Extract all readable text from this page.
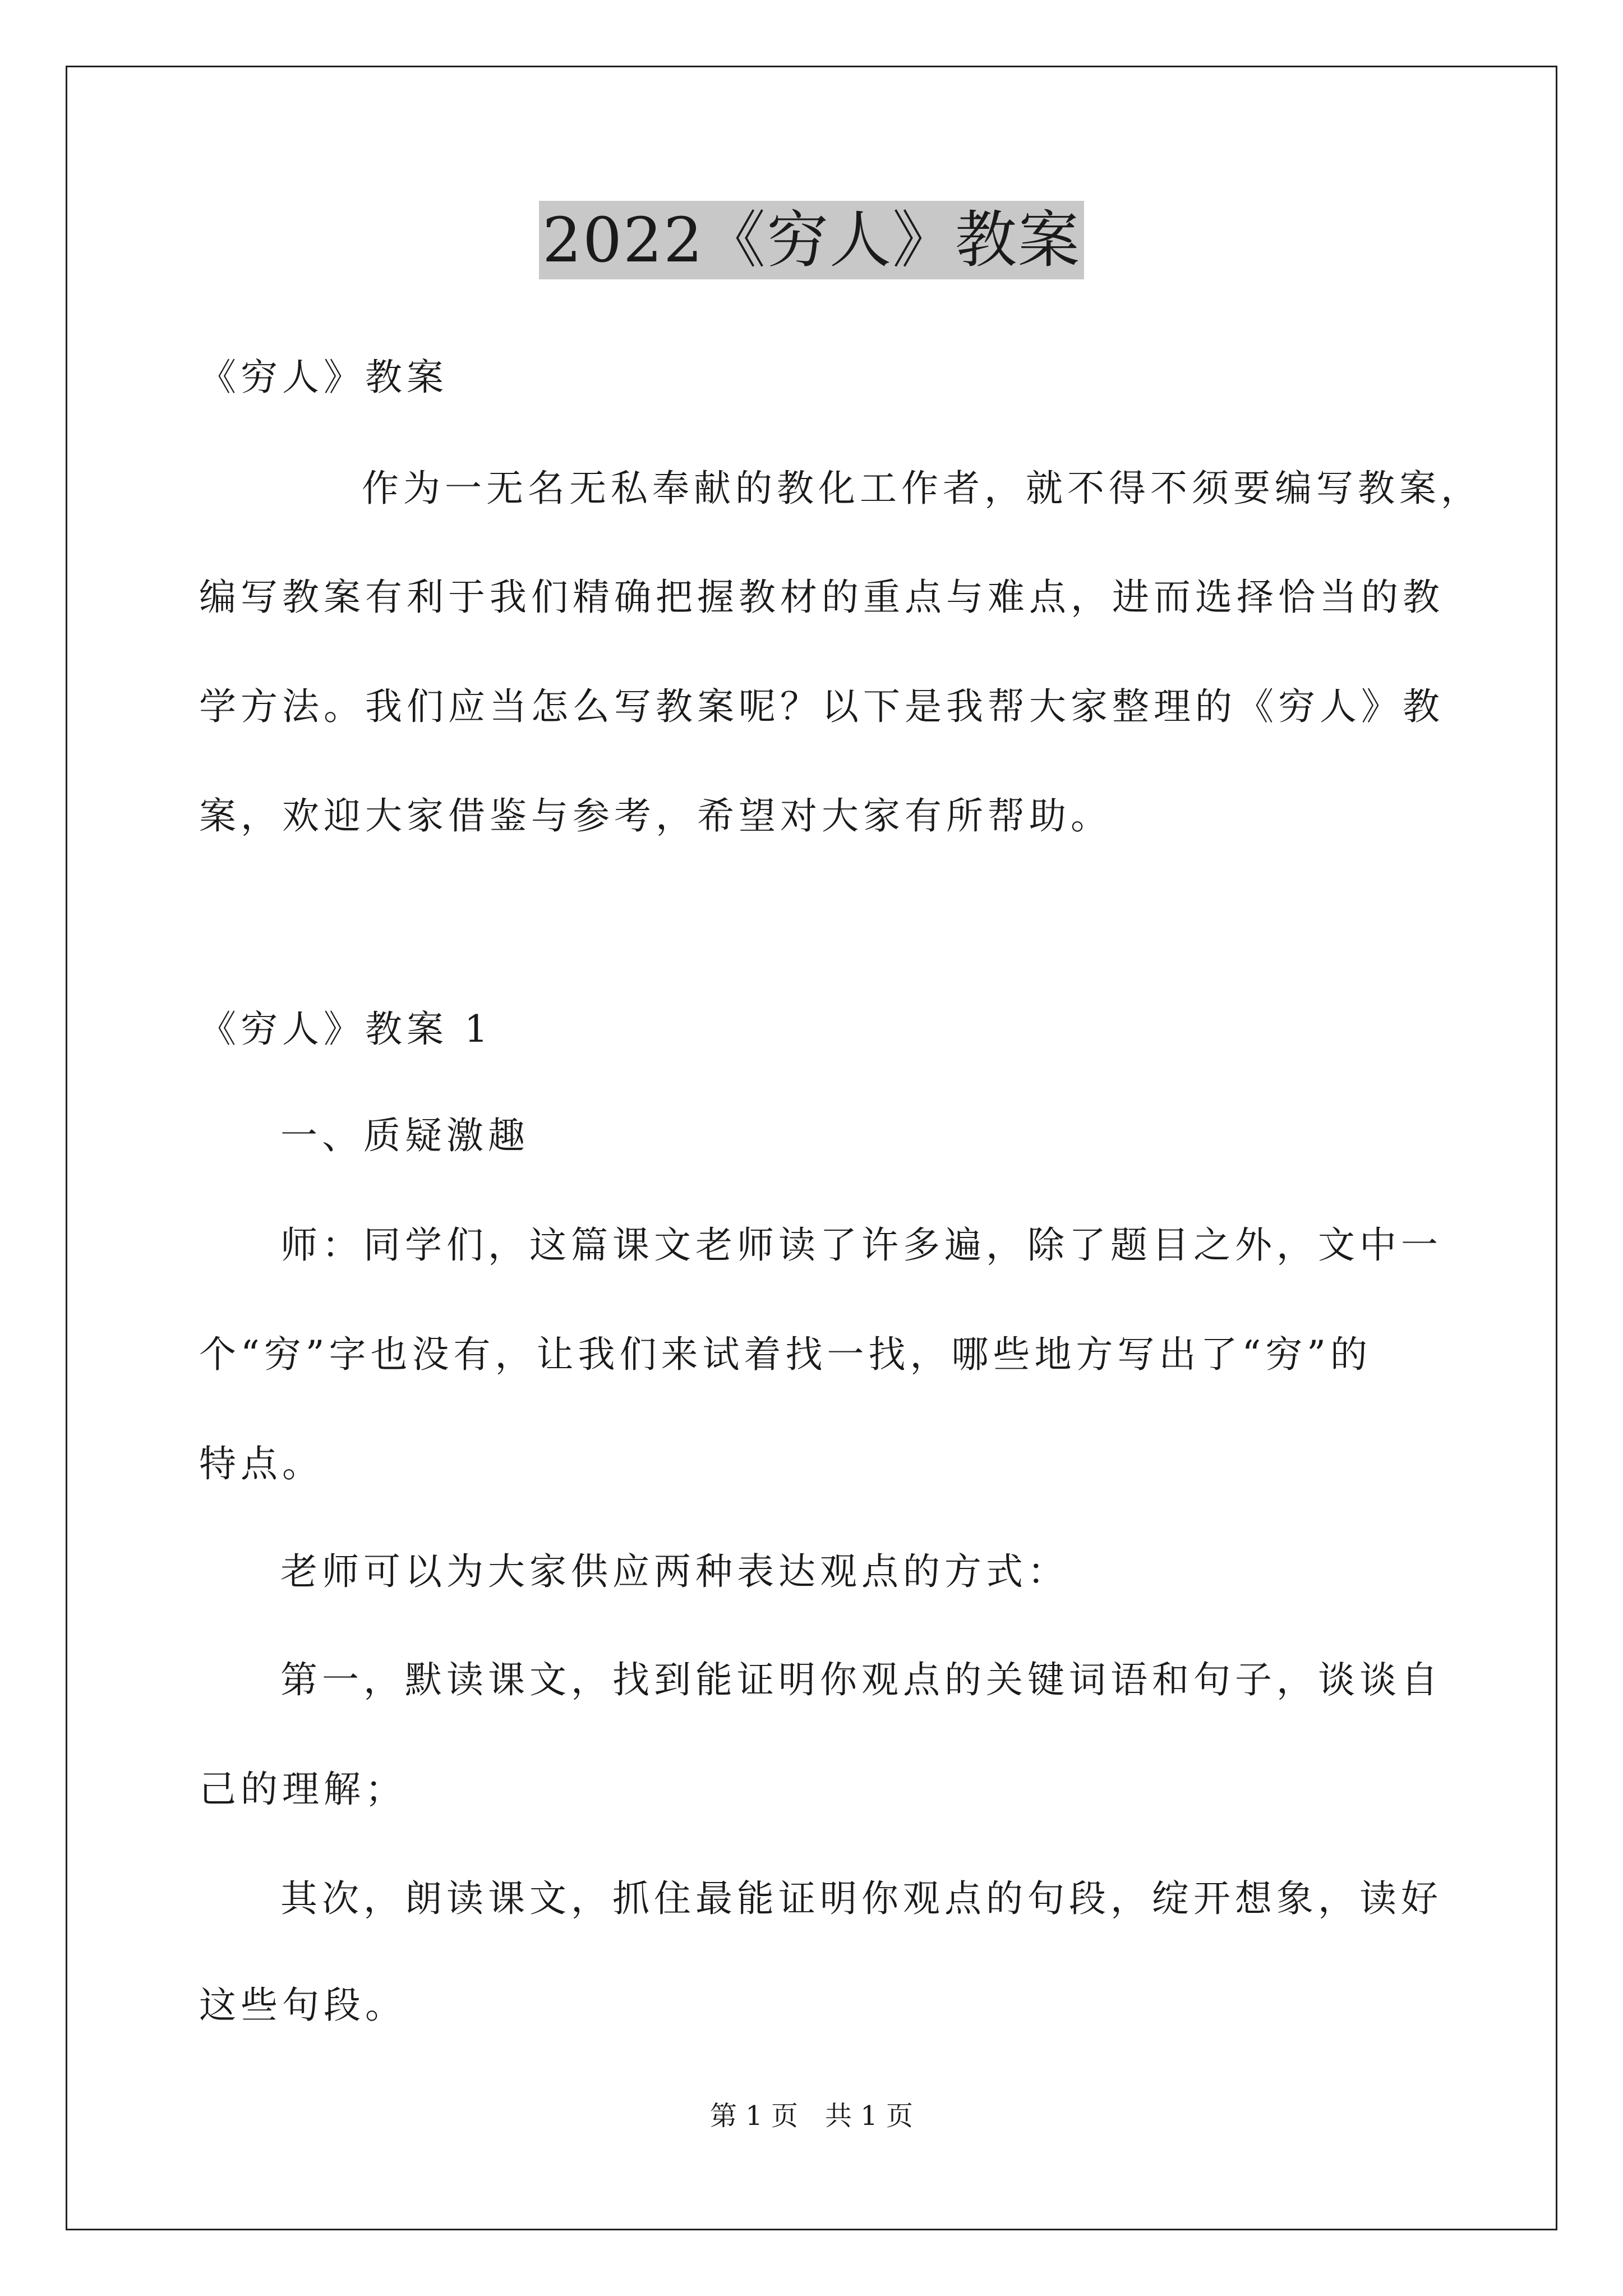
2022《穷人》教案
《穷人》教案
作为一无名无私奉献的教化工作者，就不得不须要编写教案，
编写教案有利于我们精确把握教材的重点与难点，进而选择恰当的教
学方法。我们应当怎么写教案呢？以下是我帮大家整理的《穷人》教
案，欢迎大家借鉴与参考，希望对大家有所帮助。
《穷人》教案 1
一、质疑激趣
师：同学们，这篇课文老师读了许多遍，除了题目之外，文中一
个“穷”字也没有，让我们来试着找一找，哪些地方写出了“穷”的
特点。
老师可以为大家供应两种表达观点的方式：
第一，默读课文，找到能证明你观点的关键词语和句子，谈谈自
己的理解；
其次，朗读课文，抓住最能证明你观点的句段，绽开想象，读好
这些句段。
第 1 页　共 1 页
